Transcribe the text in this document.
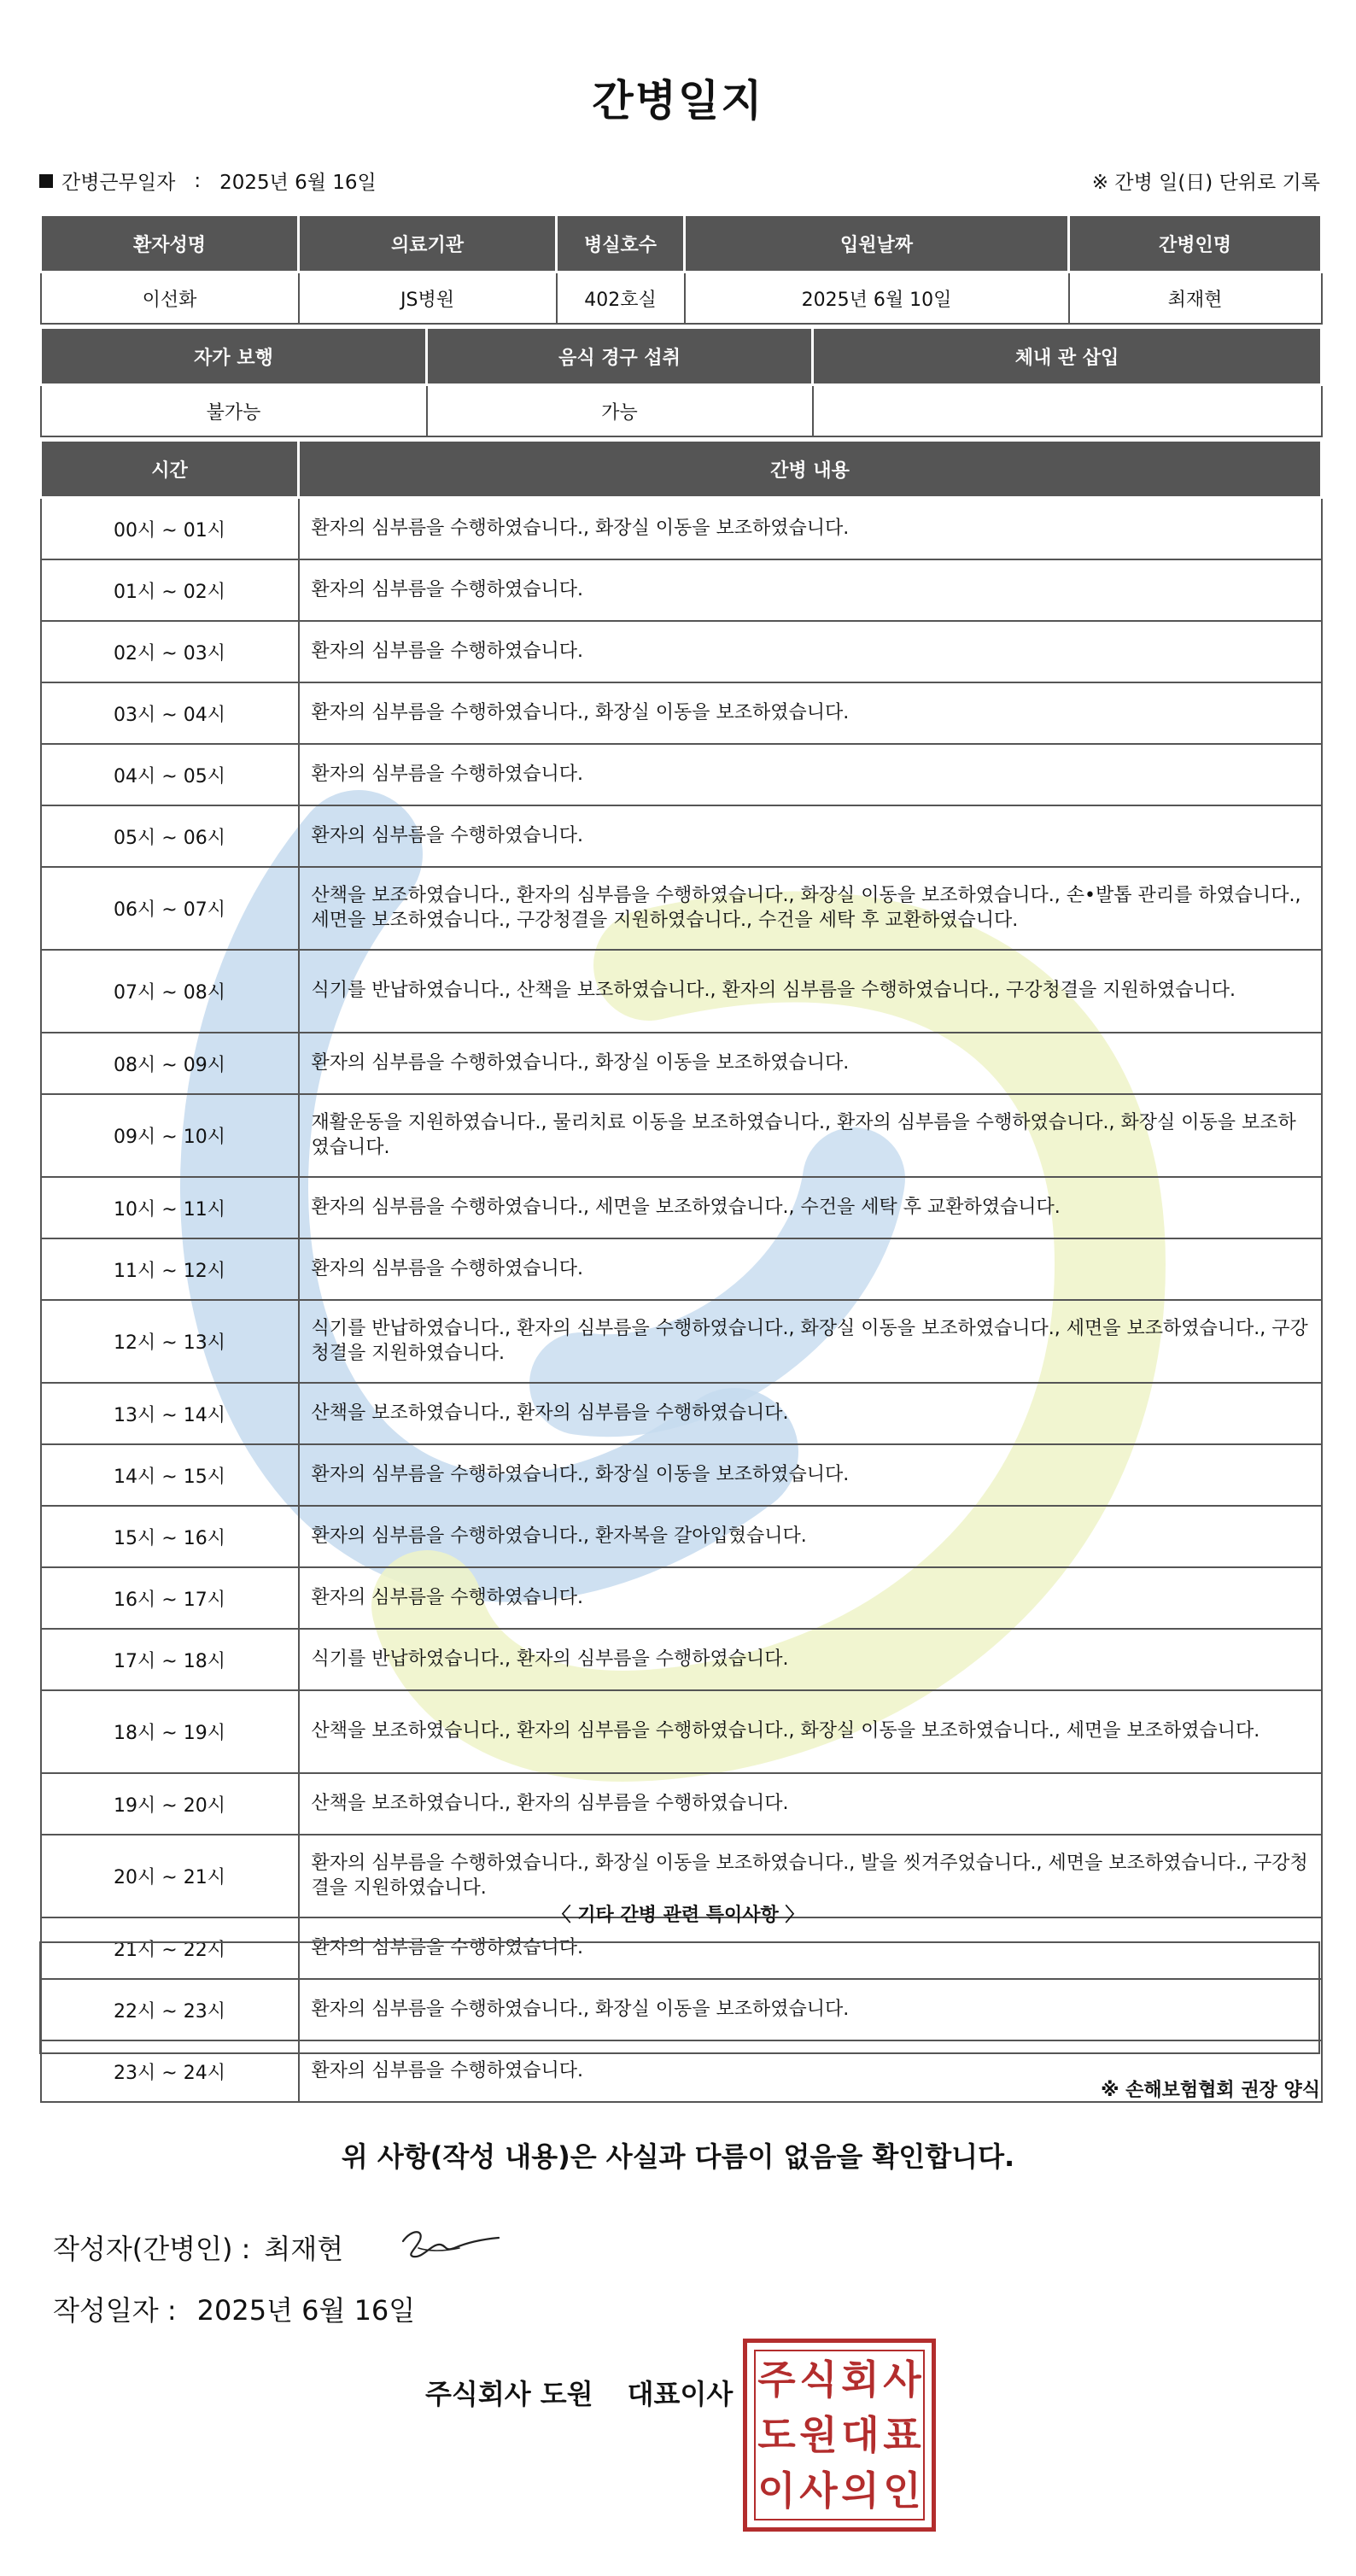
간병일지
간병근무일자 : 2025년 6월 16일	※ 간병 일(日) 단위로 기록
환자성명	의료기관	병실호수	입원날짜	간병인명
이선화	JS병원	402호실	2025년 6월 10일	최재현
자가 보행	음식 경구 섭취	체내 관 삽입
불가능	가능	
시간	간병 내용
00시 ~ 01시	환자의 심부름을 수행하였습니다., 화장실 이동을 보조하였습니다.
01시 ~ 02시	환자의 심부름을 수행하였습니다.
02시 ~ 03시	환자의 심부름을 수행하였습니다.
03시 ~ 04시	환자의 심부름을 수행하였습니다., 화장실 이동을 보조하였습니다.
04시 ~ 05시	환자의 심부름을 수행하였습니다.
05시 ~ 06시	환자의 심부름을 수행하였습니다.
06시 ~ 07시	산책을 보조하였습니다., 환자의 심부름을 수행하였습니다., 화장실 이동을 보조하였습니다., 손•발톱 관리를 하였습니다., 세면을 보조하였습니다., 구강청결을 지원하였습니다., 수건을 세탁 후 교환하였습니다.
07시 ~ 08시	식기를 반납하였습니다., 산책을 보조하였습니다., 환자의 심부름을 수행하였습니다., 구강청결을 지원하였습니다.
08시 ~ 09시	환자의 심부름을 수행하였습니다., 화장실 이동을 보조하였습니다.
09시 ~ 10시	재활운동을 지원하였습니다., 물리치료 이동을 보조하였습니다., 환자의 심부름을 수행하였습니다., 화장실 이동을 보조하였습니다.
10시 ~ 11시	환자의 심부름을 수행하였습니다., 세면을 보조하였습니다., 수건을 세탁 후 교환하였습니다.
11시 ~ 12시	환자의 심부름을 수행하였습니다.
12시 ~ 13시	식기를 반납하였습니다., 환자의 심부름을 수행하였습니다., 화장실 이동을 보조하였습니다., 세면을 보조하였습니다., 구강청결을 지원하였습니다.
13시 ~ 14시	산책을 보조하였습니다., 환자의 심부름을 수행하였습니다.
14시 ~ 15시	환자의 심부름을 수행하였습니다., 화장실 이동을 보조하였습니다.
15시 ~ 16시	환자의 심부름을 수행하였습니다., 환자복을 갈아입혔습니다.
16시 ~ 17시	환자의 심부름을 수행하였습니다.
17시 ~ 18시	식기를 반납하였습니다., 환자의 심부름을 수행하였습니다.
18시 ~ 19시	산책을 보조하였습니다., 환자의 심부름을 수행하였습니다., 화장실 이동을 보조하였습니다., 세면을 보조하였습니다.
19시 ~ 20시	산책을 보조하였습니다., 환자의 심부름을 수행하였습니다.
20시 ~ 21시	환자의 심부름을 수행하였습니다., 화장실 이동을 보조하였습니다., 발을 씻겨주었습니다., 세면을 보조하였습니다., 구강청결을 지원하였습니다.
21시 ~ 22시	환자의 심부름을 수행하였습니다.
22시 ~ 23시	환자의 심부름을 수행하였습니다., 화장실 이동을 보조하였습니다.
23시 ~ 24시	환자의 심부름을 수행하였습니다.
〈 기타 간병 관련 특이사항 〉
※ 손해보험협회 권장 양식
위 사항(작성 내용)은 사실과 다름이 없음을 확인합니다.
작성자(간병인) : 최재현
작성일자 : 2025년 6월 16일
주식회사 도원 대표이사 주 식 회 사
도 원 대 표
이 사 의 인
